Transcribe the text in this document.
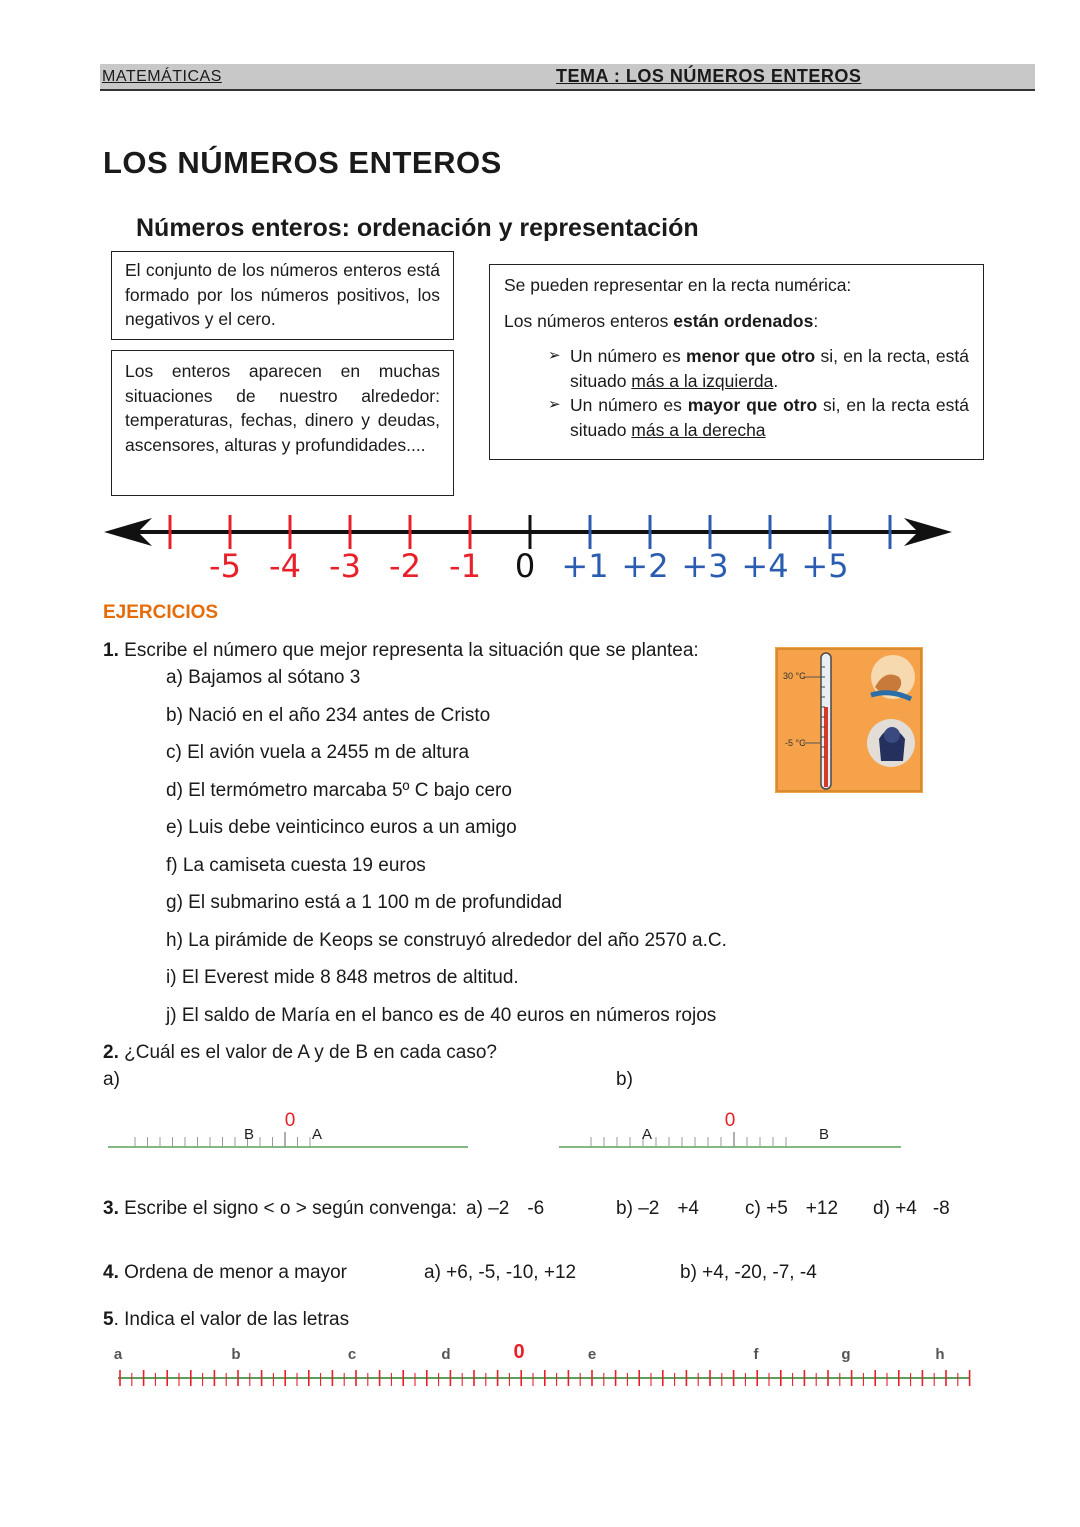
MATEMÁTICAS	TEMA : LOS NÚMEROS ENTEROS
LOS NÚMEROS ENTEROS
Números enteros: ordenación y representación
El conjunto de los números enteros está formado por los números positivos, los negativos y el cero.
Los enteros aparecen en muchas situaciones de nuestro alrededor: temperaturas, fechas, dinero y deudas, ascensores, alturas y profundidades....

Se pueden representar en la recta numérica:

Los números enteros están ordenados:

➢ Un número es menor que otro si, en la recta, está situado más a la izquierda.

➢ Un número es mayor que otro si, en la recta está situado más a la derecha

-5 -4 -3 -2 -1 0 +1 +2 +3 +4 +5
EJERCICIOS
1. Escribe el número que mejor representa la situación que se plantea:
a) Bajamos al sótano 3
b) Nació en el año 234 antes de Cristo
c) El avión vuela a 2455 m de altura
d) El termómetro marcaba 5º C bajo cero
e) Luis debe veinticinco euros a un amigo
f) La camiseta cuesta 19 euros
g) El submarino está a 1 100 m de profundidad
h) La pirámide de Keops se construyó alrededor del año 2570 a.C.
i) El Everest mide 8 848 metros de altitud.
j) El saldo de María en el banco es de 40 euros en números rojos
30 °C
-5 °C
2. ¿Cuál es el valor de A y de B en cada caso?
a)	b)
0
B	A
0
A	B
3. Escribe el signo < o > según convenga: a) –2 -6	b) –2 +4 c) +5 +12 d) +4 -8
4. Ordena de menor a mayor	a) +6, -5, -10, +12	b) +4, -20, -7, -4
5. Indica el valor de las letras
a	b	c	d	e	f	g	h
0
